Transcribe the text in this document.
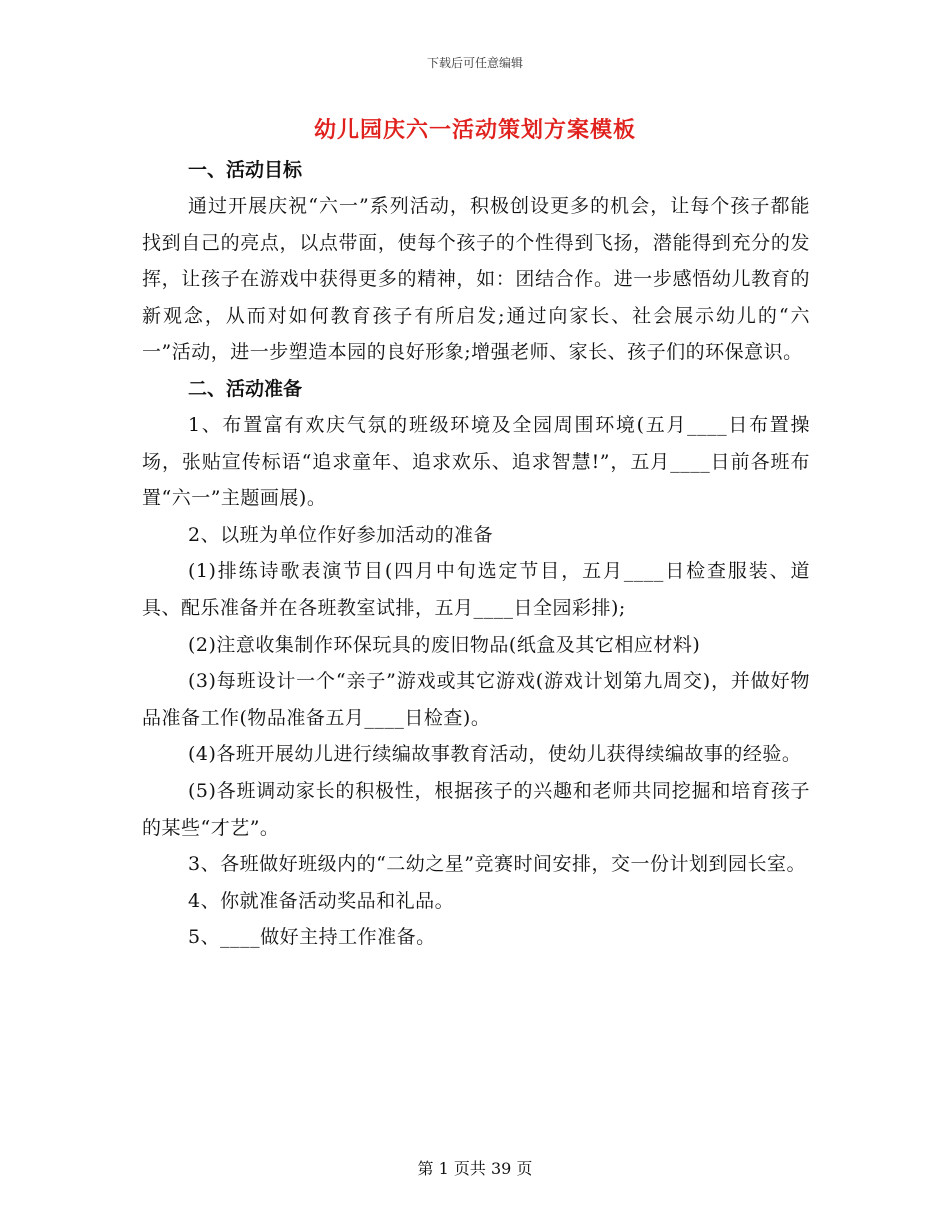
下载后可任意编辑
幼儿园庆六一活动策划方案模板

一、活动目标

通过开展庆祝“六一”系列活动，积极创设更多的机会，让每个孩子都能找到自己的亮点，以点带面，使每个孩子的个性得到飞扬，潜能得到充分的发挥，让孩子在游戏中获得更多的精神，如：团结合作。进一步感悟幼儿教育的新观念，从而对如何教育孩子有所启发;通过向家长、社会展示幼儿的“六一”活动，进一步塑造本园的良好形象;增强老师、家长、孩子们的环保意识。

二、活动准备

1、布置富有欢庆气氛的班级环境及全园周围环境(五月____日布置操场，张贴宣传标语“追求童年、追求欢乐、追求智慧!”，五月____日前各班布置“六一”主题画展)。

2、以班为单位作好参加活动的准备

(1)排练诗歌表演节目(四月中旬选定节目，五月____日检查服装、道具、配乐准备并在各班教室试排，五月____日全园彩排);

(2)注意收集制作环保玩具的废旧物品(纸盒及其它相应材料)

(3)每班设计一个“亲子”游戏或其它游戏(游戏计划第九周交)，并做好物品准备工作(物品准备五月____日检查)。

(4)各班开展幼儿进行续编故事教育活动，使幼儿获得续编故事的经验。

(5)各班调动家长的积极性，根据孩子的兴趣和老师共同挖掘和培育孩子的某些“才艺”。

3、各班做好班级内的“二幼之星”竞赛时间安排，交一份计划到园长室。

4、你就准备活动奖品和礼品。

5、____做好主持工作准备。

第 1 页共 39 页
